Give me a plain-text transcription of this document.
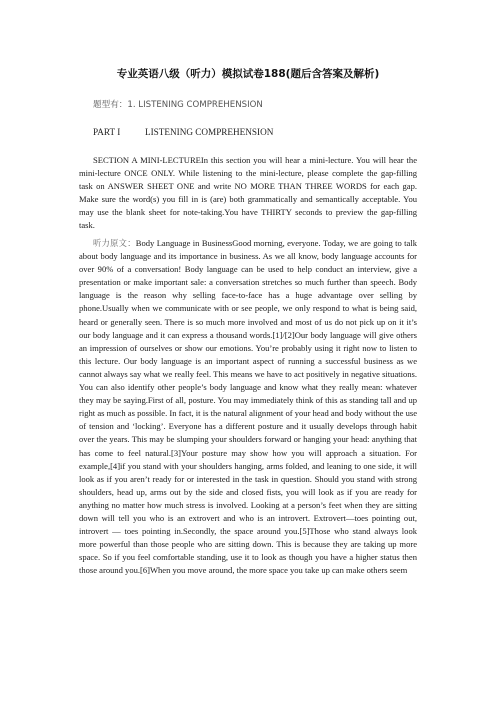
专业英语八级（听力）模拟试卷188(题后含答案及解析)
题型有：1. LISTENING COMPREHENSION
PART I	LISTENING COMPREHENSION

SECTION A MINI-LECTUREIn this section you will hear a mini-lecture. You will hear the mini-lecture ONCE ONLY. While listening to the mini-lecture, please complete the gap-filling task on ANSWER SHEET ONE and write NO MORE THAN THREE WORDS for each gap. Make sure the word(s) you fill in is (are) both grammatically and semantically acceptable. You may use the blank sheet for note-taking.You have THIRTY seconds to preview the gap-filling task.

听力原文：Body Language in BusinessGood morning, everyone. Today, we are going to talk about body language and its importance in business. As we all know, body language accounts for over 90% of a conversation! Body language can be used to help conduct an interview, give a presentation or make important sale: a conversation stretches so much further than speech. Body language is the reason why selling face-to-face has a huge advantage over selling by phone.Usually when we communicate with or see people, we only respond to what is being said, heard or generally seen. There is so much more involved and most of us do not pick up on it it’s our body language and it can express a thousand words.[1]/[2]Our body language will give others an impression of ourselves or show our emotions. You’re probably using it right now to listen to this lecture. Our body language is an important aspect of running a successful business as we cannot always say what we really feel. This means we have to act positively in negative situations. You can also identify other people’s body language and know what they really mean: whatever they may be saying.First of all, posture. You may immediately think of this as standing tall and up right as much as possible. In fact, it is the natural alignment of your head and body without the use of tension and ‘locking’. Everyone has a different posture and it usually develops through habit over the years. This may be slumping your shoulders forward or hanging your head: anything that has come to feel natural.[3]Your posture may show how you will approach a situation. For example,[4]if you stand with your shoulders hanging, arms folded, and leaning to one side, it will look as if you aren’t ready for or interested in the task in question. Should you stand with strong shoulders, head up, arms out by the side and closed fists, you will look as if you are ready for anything no matter how much stress is involved. Looking at a person’s feet when they are sitting down will tell you who is an extrovert and who is an introvert. Extrovert—toes pointing out, introvert — toes pointing in.Secondly, the space around you.[5]Those who stand always look more powerful than those people who are sitting down. This is because they are taking up more space. So if you feel comfortable standing, use it to look as though you have a higher status then those around you.[6]When you move around, the more space you take up can make others seem
